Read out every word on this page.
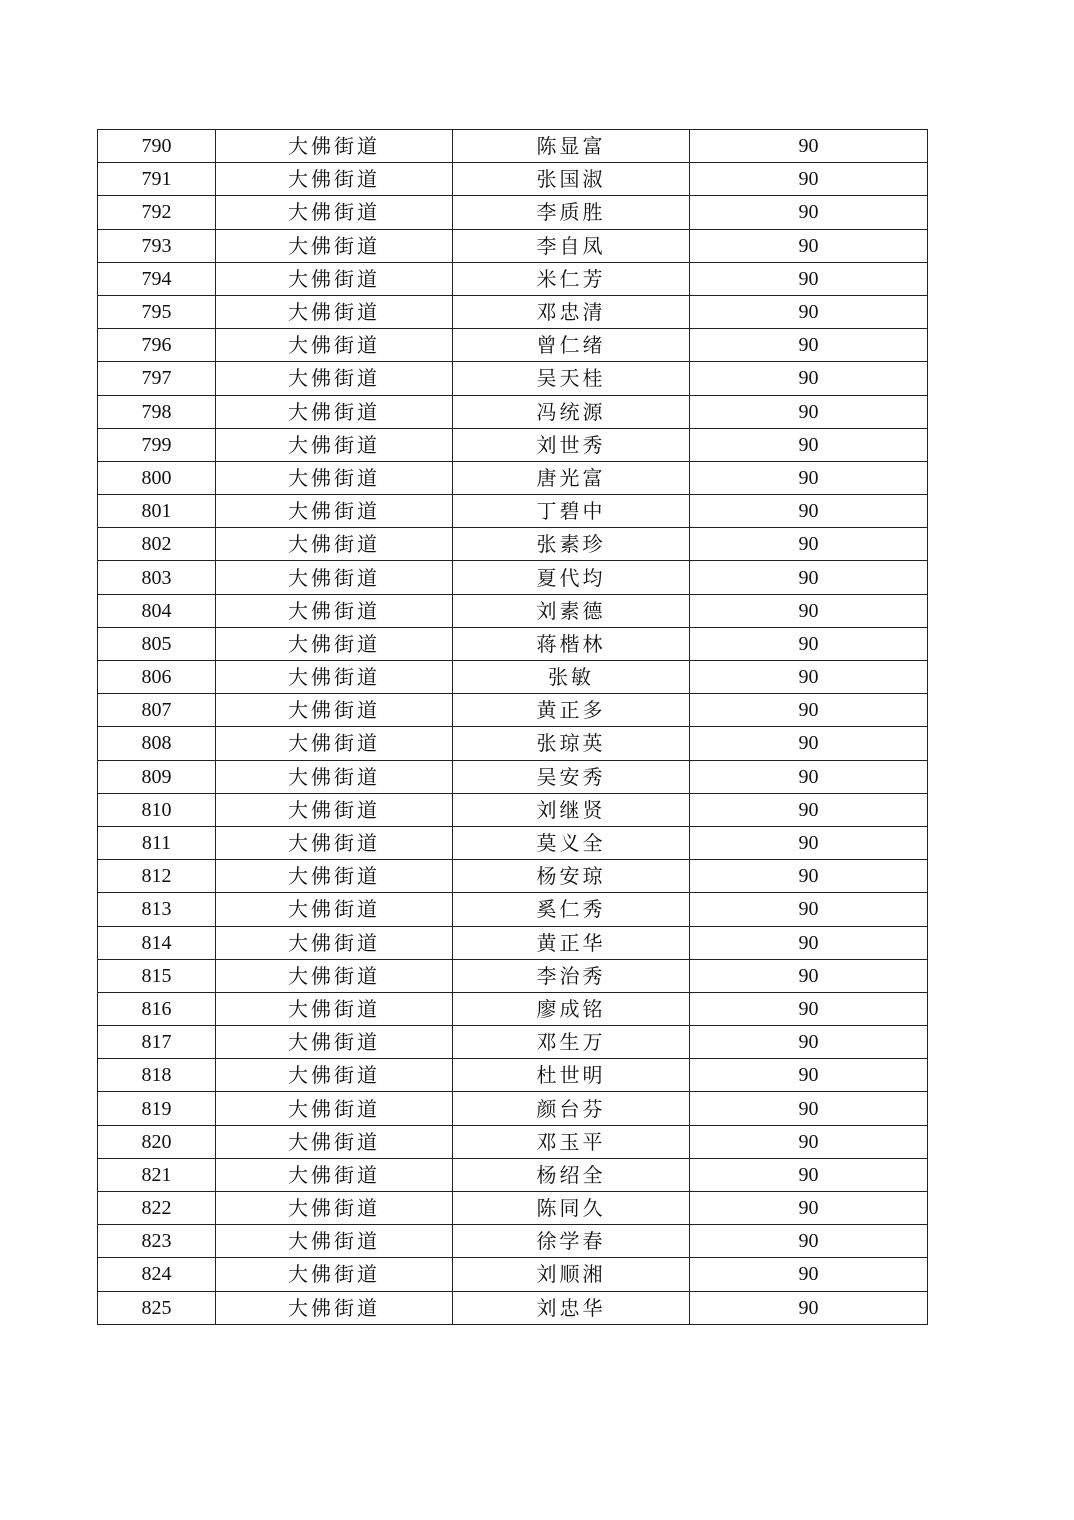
790	大佛街道	陈显富	90
791	大佛街道	张国淑	90
792	大佛街道	李质胜	90
793	大佛街道	李自凤	90
794	大佛街道	米仁芳	90
795	大佛街道	邓忠清	90
796	大佛街道	曾仁绪	90
797	大佛街道	吴天桂	90
798	大佛街道	冯统源	90
799	大佛街道	刘世秀	90
800	大佛街道	唐光富	90
801	大佛街道	丁碧中	90
802	大佛街道	张素珍	90
803	大佛街道	夏代均	90
804	大佛街道	刘素德	90
805	大佛街道	蒋楷林	90
806	大佛街道	张敏	90
807	大佛街道	黄正多	90
808	大佛街道	张琼英	90
809	大佛街道	吴安秀	90
810	大佛街道	刘继贤	90
811	大佛街道	莫义全	90
812	大佛街道	杨安琼	90
813	大佛街道	奚仁秀	90
814	大佛街道	黄正华	90
815	大佛街道	李治秀	90
816	大佛街道	廖成铭	90
817	大佛街道	邓生万	90
818	大佛街道	杜世明	90
819	大佛街道	颜台芬	90
820	大佛街道	邓玉平	90
821	大佛街道	杨绍全	90
822	大佛街道	陈同久	90
823	大佛街道	徐学春	90
824	大佛街道	刘顺湘	90
825	大佛街道	刘忠华	90
